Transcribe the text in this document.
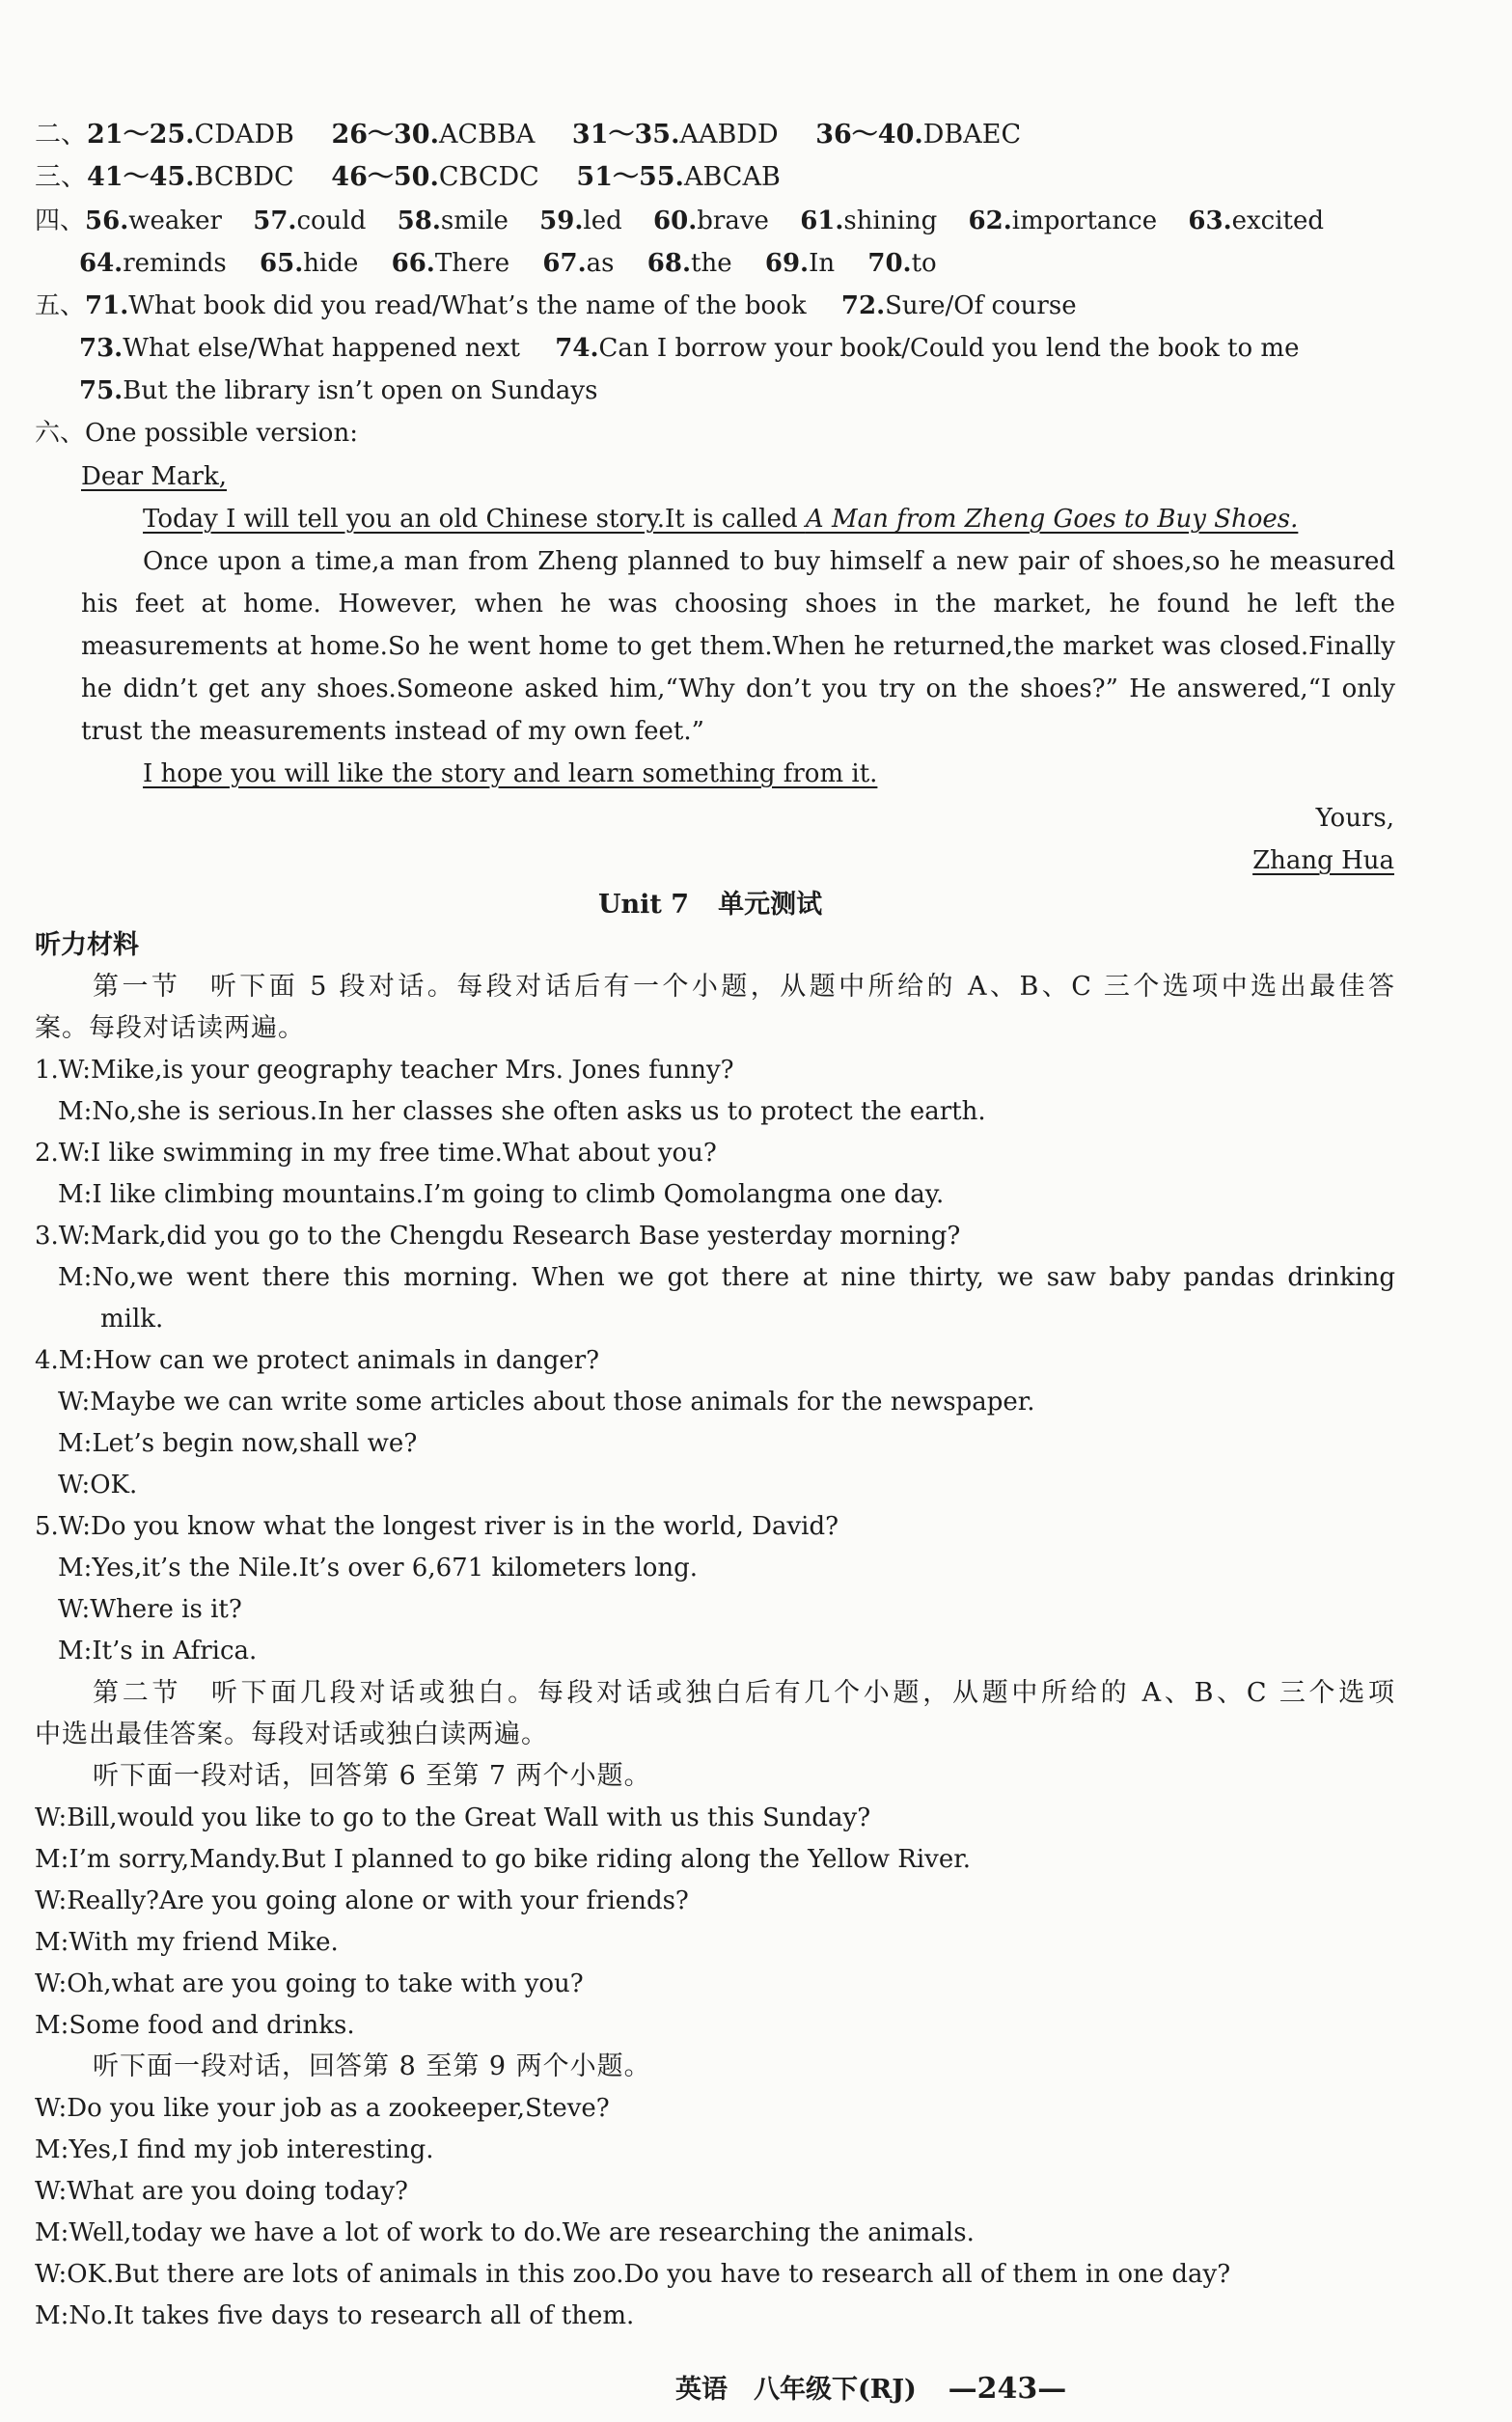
二、21～25.CDADB 26～30.ACBBA 31～35.AABDD 36～40.DBAEC
三、41～45.BCBDC 46～50.CBCDC 51～55.ABCAB
四、56.weaker 57.could 58.smile 59.led 60.brave 61.shining 62.importance 63.excited
64.reminds 65.hide 66.There 67.as 68.the 69.In 70.to
五、71.What book did you read/What’s the name of the book 72.Sure/Of course
73.What else/What happened next 74.Can I borrow your book/Could you lend the book to me
75.But the library isn’t open on Sundays
六、One possible version:
Dear Mark,
Today I will tell you an old Chinese story.It is called A Man from Zheng Goes to Buy Shoes.
Once upon a time,a man from Zheng planned to buy himself a new pair of shoes,so he measured
his feet at home. However, when he was choosing shoes in the market, he found he left the
measurements at home.So he went home to get them.When he returned,the market was closed.Finally
he didn’t get any shoes.Someone asked him,“Why don’t you try on the shoes?” He answered,“I only
trust the measurements instead of my own feet.”
I hope you will like the story and learn something from it.
Yours,
Zhang Hua
Unit 7 单元测试
听力材料
第一节　听下面 5 段对话。每段对话后有一个小题，从题中所给的 A、B、C 三个选项中选出最佳答
案。每段对话读两遍。
1.W:Mike,is your geography teacher Mrs. Jones funny?
M:No,she is serious.In her classes she often asks us to protect the earth.
2.W:I like swimming in my free time.What about you?
M:I like climbing mountains.I’m going to climb Qomolangma one day.
3.W:Mark,did you go to the Chengdu Research Base yesterday morning?
M:No,we went there this morning. When we got there at nine thirty, we saw baby pandas drinking
milk.
4.M:How can we protect animals in danger?
W:Maybe we can write some articles about those animals for the newspaper.
M:Let’s begin now,shall we?
W:OK.
5.W:Do you know what the longest river is in the world, David?
M:Yes,it’s the Nile.It’s over 6,671 kilometers long.
W:Where is it?
M:It’s in Africa.
第二节　听下面几段对话或独白。每段对话或独白后有几个小题，从题中所给的 A、B、C 三个选项
中选出最佳答案。每段对话或独白读两遍。
听下面一段对话，回答第 6 至第 7 两个小题。
W:Bill,would you like to go to the Great Wall with us this Sunday?
M:I’m sorry,Mandy.But I planned to go bike riding along the Yellow River.
W:Really?Are you going alone or with your friends?
M:With my friend Mike.
W:Oh,what are you going to take with you?
M:Some food and drinks.
听下面一段对话，回答第 8 至第 9 两个小题。
W:Do you like your job as a zookeeper,Steve?
M:Yes,I find my job interesting.
W:What are you doing today?
M:Well,today we have a lot of work to do.We are researching the animals.
W:OK.But there are lots of animals in this zoo.Do you have to research all of them in one day?
M:No.It takes five days to research all of them.
英语　八年级下(RJ) —243—
